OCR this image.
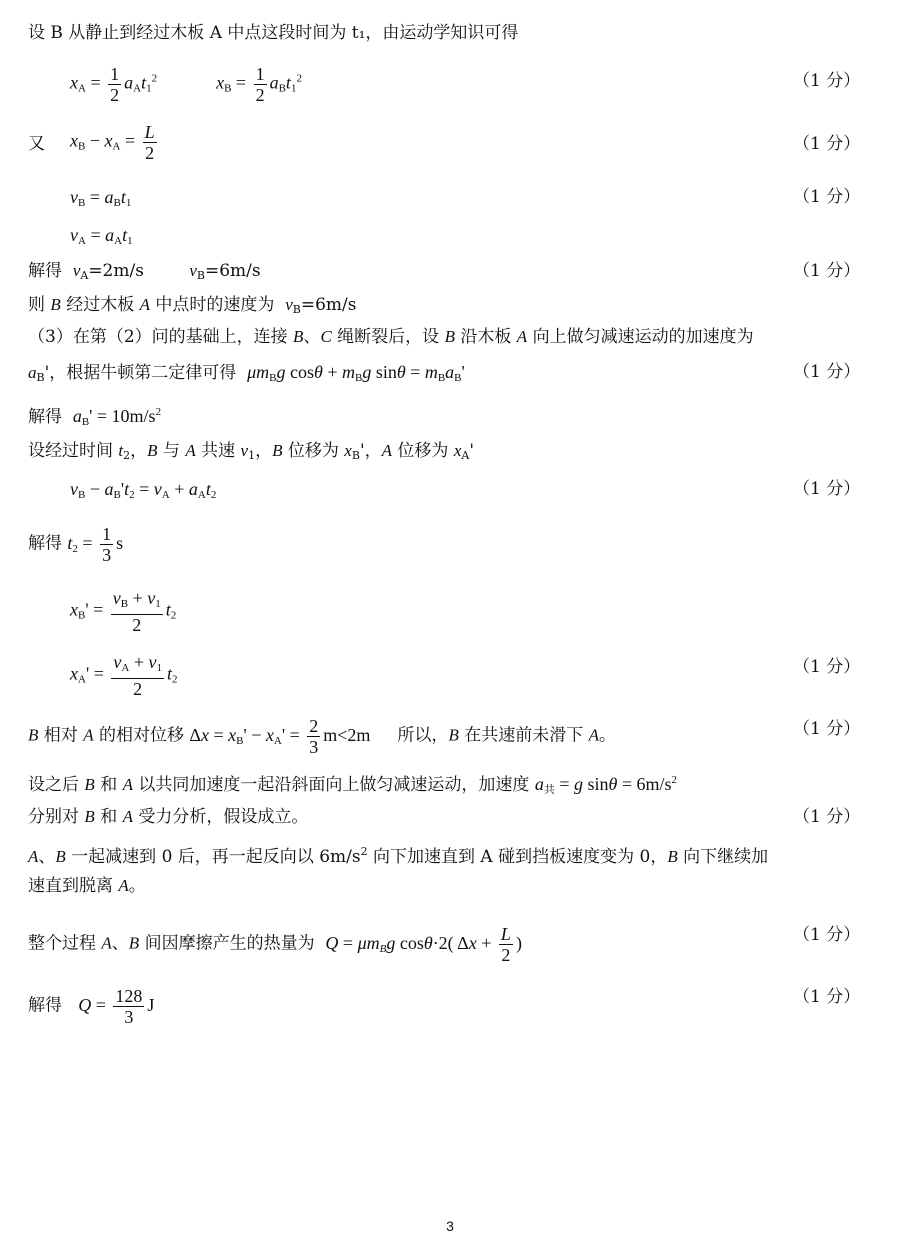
设 B 从静止到经过木板 A 中点这段时间为 t₁，由运动学知识可得
$x_A = \frac{1}{2} a_At_1^2$	$x_B = \frac{1}{2} a_Bt_1^2$	（1 分）
又 $x_B - x_A = \frac{L}{2}$	（1 分）
$v_B = a_Bt_1$	（1 分）
$v_A = a_At_1$
解得  $v_A=2m/s$ $v_B=6m/s$	（1 分）
则 B 经过木板 A 中点时的速度为  $v_B=6m/s$
（3）在第（2）问的基础上，连接 B、C 绳断裂后，设 B 沿木板 A 向上做匀减速运动的加速度为
$a_B'$，根据牛顿第二定律可得  $\mu m_Bg$ $\cos\theta + m_Bg$ $\sin\theta = m_Ba_B'$	（1 分）
解得  $a_B' = 10m/s^2$
设经过时间 $t_2$，B 与 A 共速 $v_1$，B 位移为 $x_B'$，A 位移为 $x_A'$
$v_B - a_B't_2 = v_A + a_At_2$	（1 分）
解得 $t_2 = \frac{1}{3}$ s
$x_B' = \frac{v_B + v_1}{2} t_2$
$x_A' = \frac{v_A + v_1}{2} t_2$
（1 分）
B 相对 A 的相对位移 $\Delta x = x_B' - x_A' = \frac{2}{3} m<2m$     所以，B 在共速前未滑下 A。	（1 分）
设之后 B 和 A 以共同加速度一起沿斜面向上做匀减速运动，加速度 $a_共 = g$ $\sin\theta = 6m/s^2$
分别对 B 和 A 受力分析，假设成立。	（1 分）
A、B 一起减速到 0 后，再一起反向以 $6m/s^2$ 向下加速直到 A 碰到挡板速度变为 0，B 向下继续加
速直到脱离 A。
整个过程 A、B 间因摩擦产生的热量为  $Q = \mu m_Bg$ cosθ·2( $\Delta x + \frac{L}{2}$ )	（1 分）
解得   $Q = \frac{128}{3}$ J	（1 分）
3
